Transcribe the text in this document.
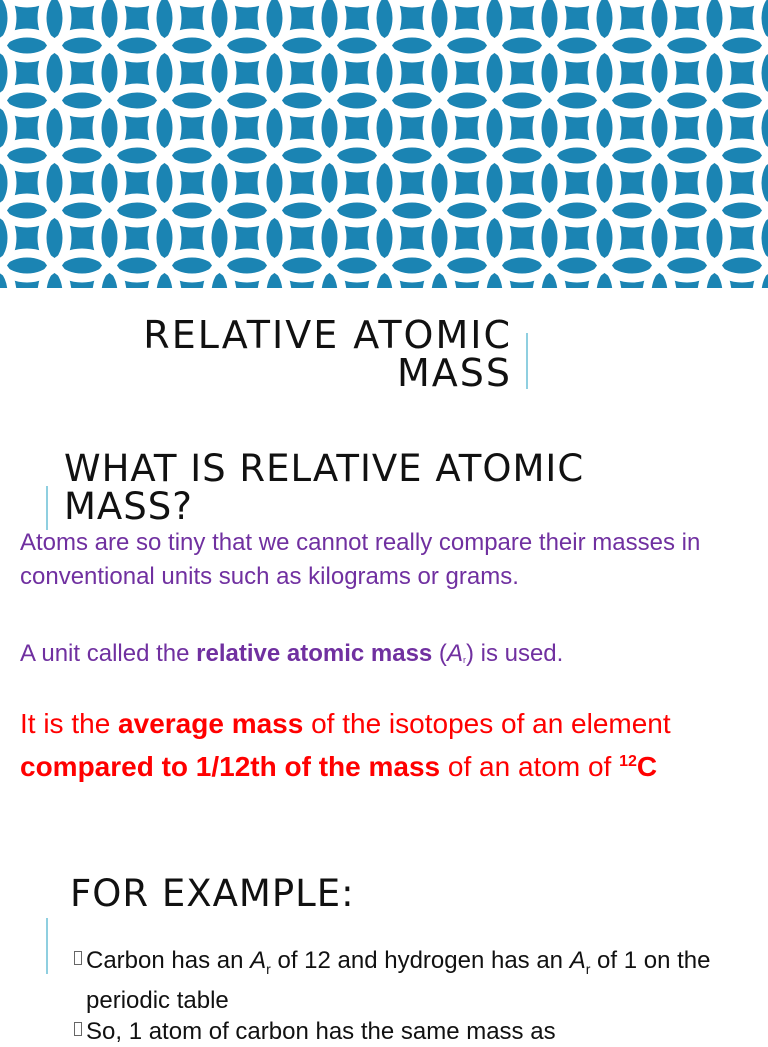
RELATIVE ATOMIC
MASS
WHAT IS RELATIVE ATOMIC
MASS?
Atoms are so tiny that we cannot really compare their masses in conventional units such as kilograms or grams.
A unit called the relative atomic mass $(A_r)$ is used.
It is the average mass of the isotopes of an element compared to 1/12th of the mass of an atom of $^{12}$C
FOR EXAMPLE:
Carbon has an $A_r$ of 12 and hydrogen has an $A_r$ of 1 on the periodic table
So, 1 atom of carbon has the same mass as
